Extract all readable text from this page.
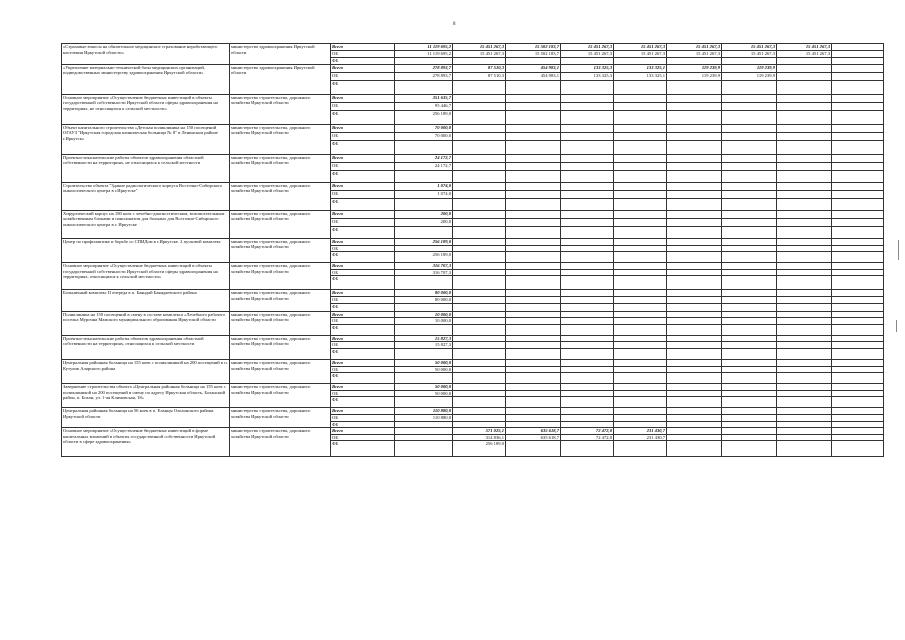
8
«Страховые взносы на обязательное медицинское страхование неработающего населения Иркутской области»	министерство здравоохранения Иркутской области	Всего	11 119 695,2	15 451 267,3	15 502 183,7	15 451 267,3	15 451 267,3	15 451 267,3	15 451 267,3	15 451 267,3		
		ОБ	11 119 695,2	15 451 267,3	15 502 183,7	15 451 267,3	15 451 267,3	15 451 267,3	15 451 267,3	15 451 267,3		
		ФБ										
«Укрепление материально-технической базы медицинских организаций, подведомственных министерству здравоохранения Иркутской области»	министерство здравоохранения Иркутской области	Всего	278 893,7	87 510,3	454 983,1	133 325,3	133 325,1	119 239,9	119 239,9			
		ОБ	278 893,7	87 510,3	454 983,1	133 325,3	133 325,1	119 239,9	119 239,9			
		ФБ										
Основное мероприятие «Осуществление бюджетных инвестиций в объекты государственной собственности Иркутской области сферы здравоохранения на территориях, не относящихся к сельской местности»	министерство строительства, дорожного хозяйства Иркутской области	Всего	351 635,7									
		ОБ	95 446,7									
		ФБ	256 189,0									
Объект капитального строительства «Детская поликлиника на 150 посещений ОГАУЗ "Иркутская городская клиническая больница № 8" в Ленинском районе г.Иркутск»	министерство строительства, дорожного хозяйства Иркутской области	Всего	70 000,0									
		ОБ	70 000,0									
		ФБ										
Проектно-изыскательские работы объектов здравоохранения областной собственности на территориях, не относящихся к сельской местности	министерство строительства, дорожного хозяйства Иркутской области	Всего	24 172,7									
		ОБ	24 172,7									
		ФБ										
Строительство объекта "Здание радиологического корпуса Восточно-Сибирского онкологического центра в г.Иркутске"	министерство строительства, дорожного хозяйства Иркутской области	Всего	1 074,0									
		ОБ	1 074,0									
		ФБ										
Хирургический корпус на 180 коек с лечебно-диагностическим, вспомогательным хозяйственным блоками и пансионатом для больных для Восточно-Сибирского онкологического центра в г. Иркутске	министерство строительства, дорожного хозяйства Иркутской области	Всего	200,0									
		ОБ	200,0									
		ФБ										
Центр по профилактике и борьбе со СПИДом в г.Иркутске. 2 пусковой комплекс	министерство строительства, дорожного хозяйства Иркутской области	Всего	256 189,0									
		ОБ										
		ФБ	256 189,0									
Основное мероприятие «Осуществление бюджетных инвестиций в объекты государственной собственности Иркутской области сферы здравоохранения на территориях, относящихся к сельской местности»	министерство строительства, дорожного хозяйства Иркутской области	Всего	316 707,3									
		ОБ	316 707,3									
		ФБ										
Больничный комплекс II очереда в п. Баяндай Баяндаевского района	министерство строительства, дорожного хозяйства Иркутской области	Всего	80 000,0									
		ОБ	80 000,0									
		ФБ										
Поликлиника на 150 посещений в смену в составе комплекса «Лечебного рабочего поселка Мурочна Мамского муниципального образования Иркутской области	министерство строительства, дорожного хозяйства Иркутской области	Всего	10 000,0									
		ОБ	10 000,0									
		ФБ										
Проектно-изыскательские работы объектов здравоохранения областной собственности на территориях, относящихся к сельской местности	министерство строительства, дорожного хозяйства Иркутской области	Всего	15 827,3									
		ОБ	15 827,3									
		ФБ										
Центральная районная больница на 155 коек с поликлиникой на 200 посещений в п. Кутулик Аларского района	министерство строительства, дорожного хозяйства Иркутской области	Всего	50 000,0									
		ОБ	50 000,0									
		ФБ										
Завершение строительства объекта «Центральная районная больница на 155 коек с поликлиникой на 200 посещений в смену по адресу Иркутская область, Боханский район, п. Бохан, ул. 1-ая Климовская, 18»	министерство строительства, дорожного хозяйства Иркутской области	Всего	50 000,0									
		ОБ	50 000,0									
		ФБ										
Центральная районная больница на 56 коек в п. Еланцы Ольхонского района Иркутской области	министерство строительства, дорожного хозяйства Иркутской области	Всего	110 880,0									
		ОБ	110 880,0									
		ФБ										
Основное мероприятие «Осуществление бюджетных инвестиций в форме капитальных вложений в объекты государственной собственности Иркутской области в сфере здравоохранения»	министерство строительства, дорожного хозяйства Иркутской области	Всего		571 025,1	635 618,7	72 472,0	231 430,7					
		ОБ		314 836,1	635 618,7	72 472,0	231 430,7					
		ФБ		256 189,0								
